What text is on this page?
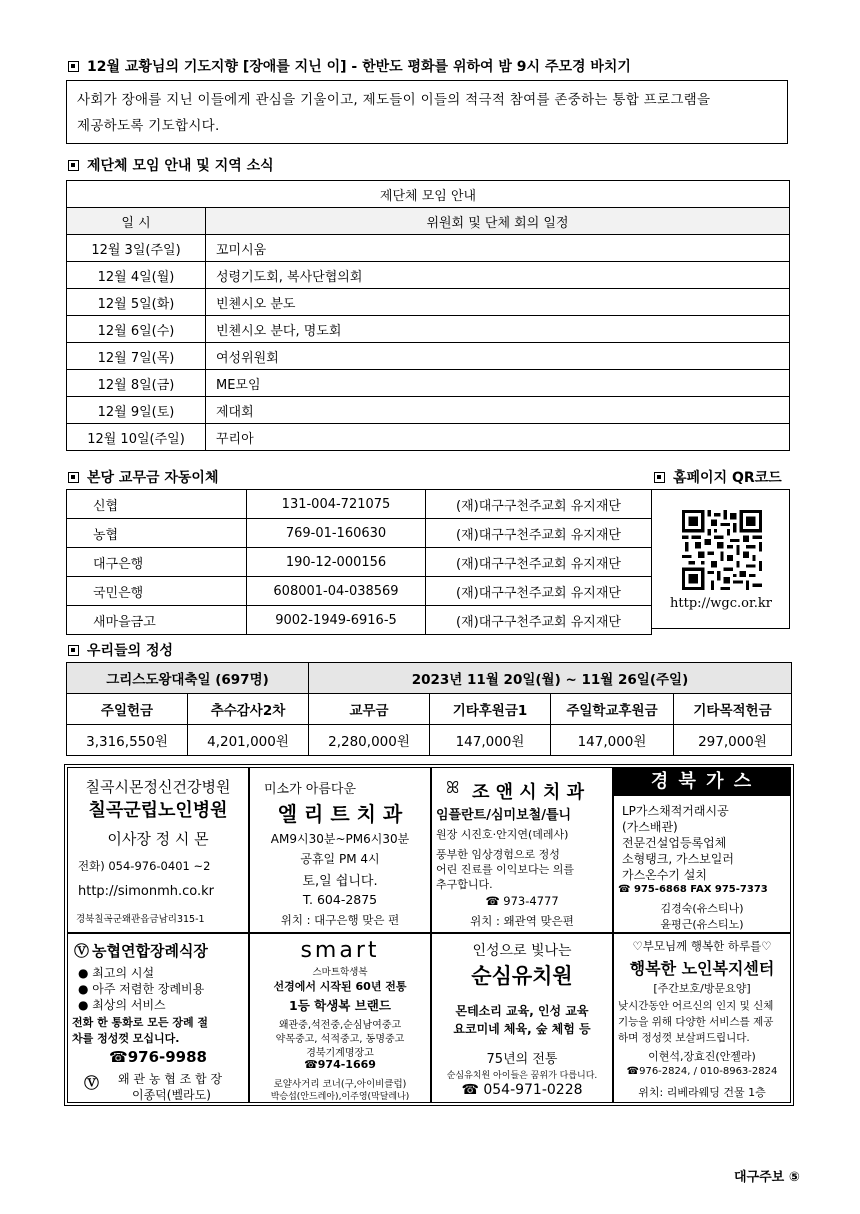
12월 교황님의 기도지향 [장애를 지닌 이] - 한반도 평화를 위하여 밤 9시 주모경 바치기
사회가 장애를 지닌 이들에게 관심을 기울이고, 제도들이 이들의 적극적 참여를 존중하는 통합 프로그램을
제공하도록 기도합시다.
제단체 모임 안내 및 지역 소식
제단체 모임 안내	
일 시	위원회 및 단체 회의 일정
12월 3일(주일)	꼬미시움
12월 4일(월)	성령기도회, 복사단협의회
12월 5일(화)	빈첸시오 분도
12월 6일(수)	빈첸시오 분다, 명도회
12월 7일(목)	여성위원회
12월 8일(금)	ME모임
12월 9일(토)	제대회
12월 10일(주일)	꾸리아
본당 교무금 자동이체	홈페이지 QR코드
신협	131-004-721075	(재)대구구천주교회 유지재단
농협	769-01-160630	(재)대구구천주교회 유지재단
대구은행	190-12-000156	(재)대구구천주교회 유지재단
국민은행	608001-04-038569	(재)대구구천주교회 유지재단
새마을금고	9002-1949-6916-5	(재)대구구천주교회 유지재단
http://wgc.or.kr
우리들의 정성
그리스도왕대축일 (697명)		2023년 11월 20일(월) ~ 11월 26일(주일)			
주일헌금	추수감사2차	교무금	기타후원금1	주일학교후원금	기타목적헌금
3,316,550원	4,201,000원	2,280,000원	147,000원	147,000원	297,000원
칠곡시몬정신건강병원
칠곡군립노인병원
이사장 정 시 몬
전화) 054-976-0401 ~2
http://simonmh.co.kr
경북칠곡군왜관읍금남리315-1
미소가 아름다운
엘 리 트 치 과
AM9시30분~PM6시30분
공휴일 PM 4시
토,일 쉽니다.
T. 604-2875
위치 : 대구은행 맞은 편
ꕤ 조 앤 시 치 과
임플란트/심미보철/틀니
원장 시진호·안지연(데레사)
풍부한 임상경험으로 정성
어린 진료를 이익보다는 의를
추구합니다.
☎ 973-4777
위치 : 왜관역 맞은편
경 북 가 스
LP가스채적거래시공
(가스배관)
전문건설업등록업체
소형탱크, 가스보일러
가스온수기 설치
☎ 975-6868 FAX 975-7373
김경숙(유스티나)
윤평근(유스티노)
Ⓥ 농협연합장례식장
● 최고의 시설
● 아주 저렴한 장례비용
● 최상의 서비스
전화 한 통화로 모든 장례 절
차를 정성껏 모십니다.
☎976-9988
Ⓥ 왜 관 농 협 조 합 장
이종덕(벨라도)
smart
스마트학생복
선경에서 시작된 60년 전통
1등 학생복 브랜드
왜관중,석전중,순심남여중고
약목중고, 석적중고, 동명중고
경북기계명장고
☎974-1669
로얄사거리 코너(구,아이비클럽)
박승섭(안드레아),이주영(막달레나)
인성으로 빛나는
순심유치원
몬테소리 교육, 인성 교육
요코미네 체육, 숲 체험 등
75년의 전통
순심유치원 아이들은 꿈위가 다릅니다.
☎ 054-971-0228
♡부모님께 행복한 하루를♡
행복한 노인복지센터
[주간보호/방문요양]
낮시간동안 어르신의 인지 및 신체
기능을 위해 다양한 서비스를 제공
하며 정성껏 보살펴드립니다.
이현석,장효진(안젤라)
☎976-2824, / 010-8963-2824
위치: 리베라웨딩 건물 1층
대구주보 ⑤
